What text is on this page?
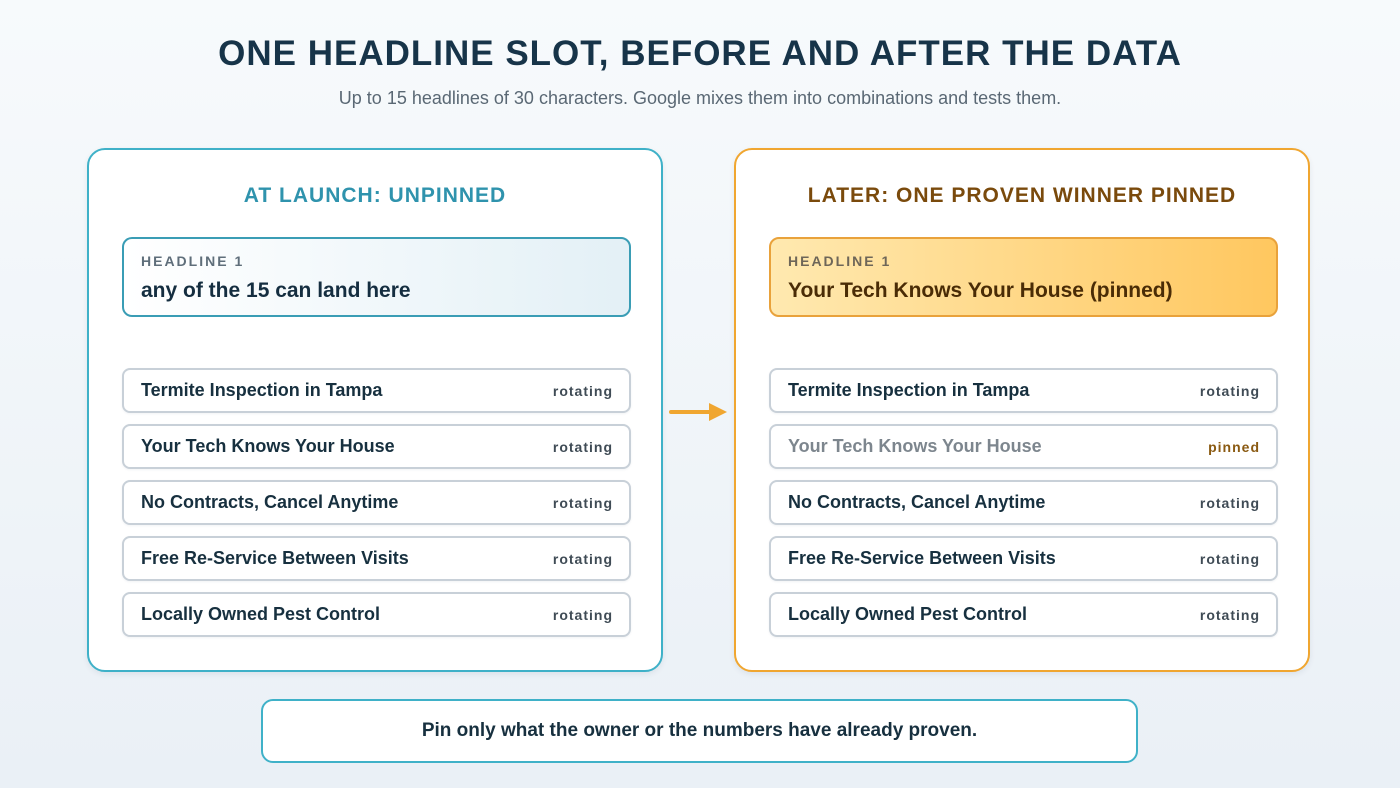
ONE HEADLINE SLOT, BEFORE AND AFTER THE DATA
Up to 15 headlines of 30 characters. Google mixes them into combinations and tests them.
AT LAUNCH: UNPINNED
HEADLINE 1
any of the 15 can land here
Termite Inspection in Tampa	rotating
Your Tech Knows Your House	rotating
No Contracts, Cancel Anytime	rotating
Free Re-Service Between Visits	rotating
Locally Owned Pest Control	rotating
LATER: ONE PROVEN WINNER PINNED
HEADLINE 1
Your Tech Knows Your House (pinned)
Termite Inspection in Tampa	rotating
Your Tech Knows Your House	pinned
No Contracts, Cancel Anytime	rotating
Free Re-Service Between Visits	rotating
Locally Owned Pest Control	rotating
Pin only what the owner or the numbers have already proven.
